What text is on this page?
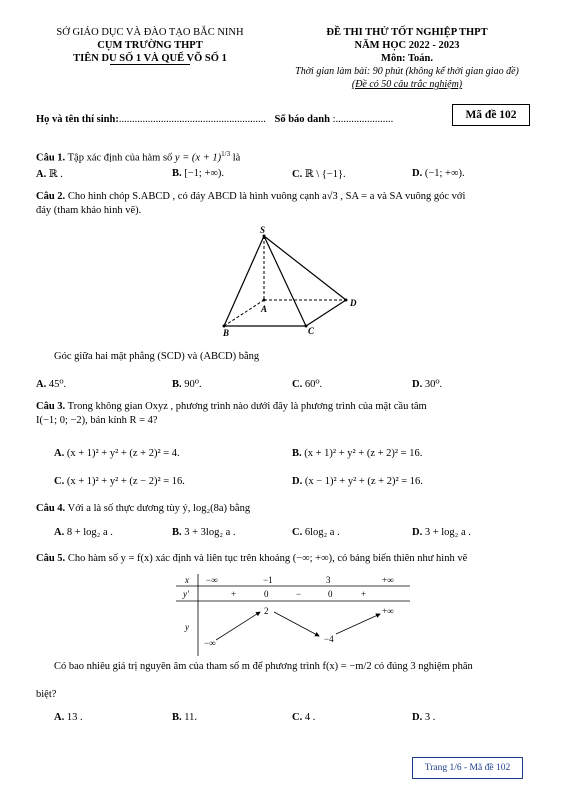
SỞ GIÁO DỤC VÀ ĐÀO TẠO BẮC NINH
CỤM TRƯỜNG THPT
TIÊN DU SỐ 1 VÀ QUẾ VÕ SỐ 1
ĐỀ THI THỬ TỐT NGHIỆP THPT
NĂM HỌC 2022 - 2023
Môn: Toán.
Thời gian làm bài: 90 phút (không kể thời gian giao đề)
(Đề có 50 câu trắc nghiệm)
Họ và tên thí sinh:........................................................ Số báo danh :......................	Mã đề 102
Câu 1. Tập xác định của hàm số $y = (x + 1)^{1/3}$ là
A. ℝ .	B. [−1; +∞).	C. ℝ \ {−1}.	D. (−1; +∞).
Câu 2. Cho hình chóp S.ABCD , có đáy ABCD là hình vuông cạnh a√3 , SA = a và SA vuông góc với
đáy (tham khảo hình vẽ).
S
A
B	C
D
Góc giữa hai mặt phẳng (SCD) và (ABCD) bằng
A. 45⁰.	B. 90⁰.	C. 60⁰.	D. 30⁰.
Câu 3. Trong không gian Oxyz , phương trình nào dưới đây là phương trình của mặt cầu tâm
I(−1; 0; −2), bán kính R = 4?
A. (x + 1)² + y² + (z + 2)² = 4.	B. (x + 1)² + y² + (z + 2)² = 16.
C. (x + 1)² + y² + (z − 2)² = 16.	D. (x − 1)² + y² + (z + 2)² = 16.
Câu 4. Với a là số thực dương tùy ý, log₂(8a) bằng
A. 8 + log₂ a .	B. 3 + 3log₂ a .	C. 6log₂ a .	D. 3 + log₂ a .
Câu 5. Cho hàm số y = f(x) xác định và liên tục trên khoảng (−∞; +∞), có bảng biến thiên như hình vẽ
x −∞	−1	3	+∞
y′	+	0	−	0	+
y
2	+∞
−∞	−4
Có bao nhiêu giá trị nguyên âm của tham số m để phương trình f(x) = −m/2 có đúng 3 nghiệm phân
biệt?
A. 13 .	B. 11.	C. 4 .	D. 3 .
Trang 1/6 - Mã đề 102
